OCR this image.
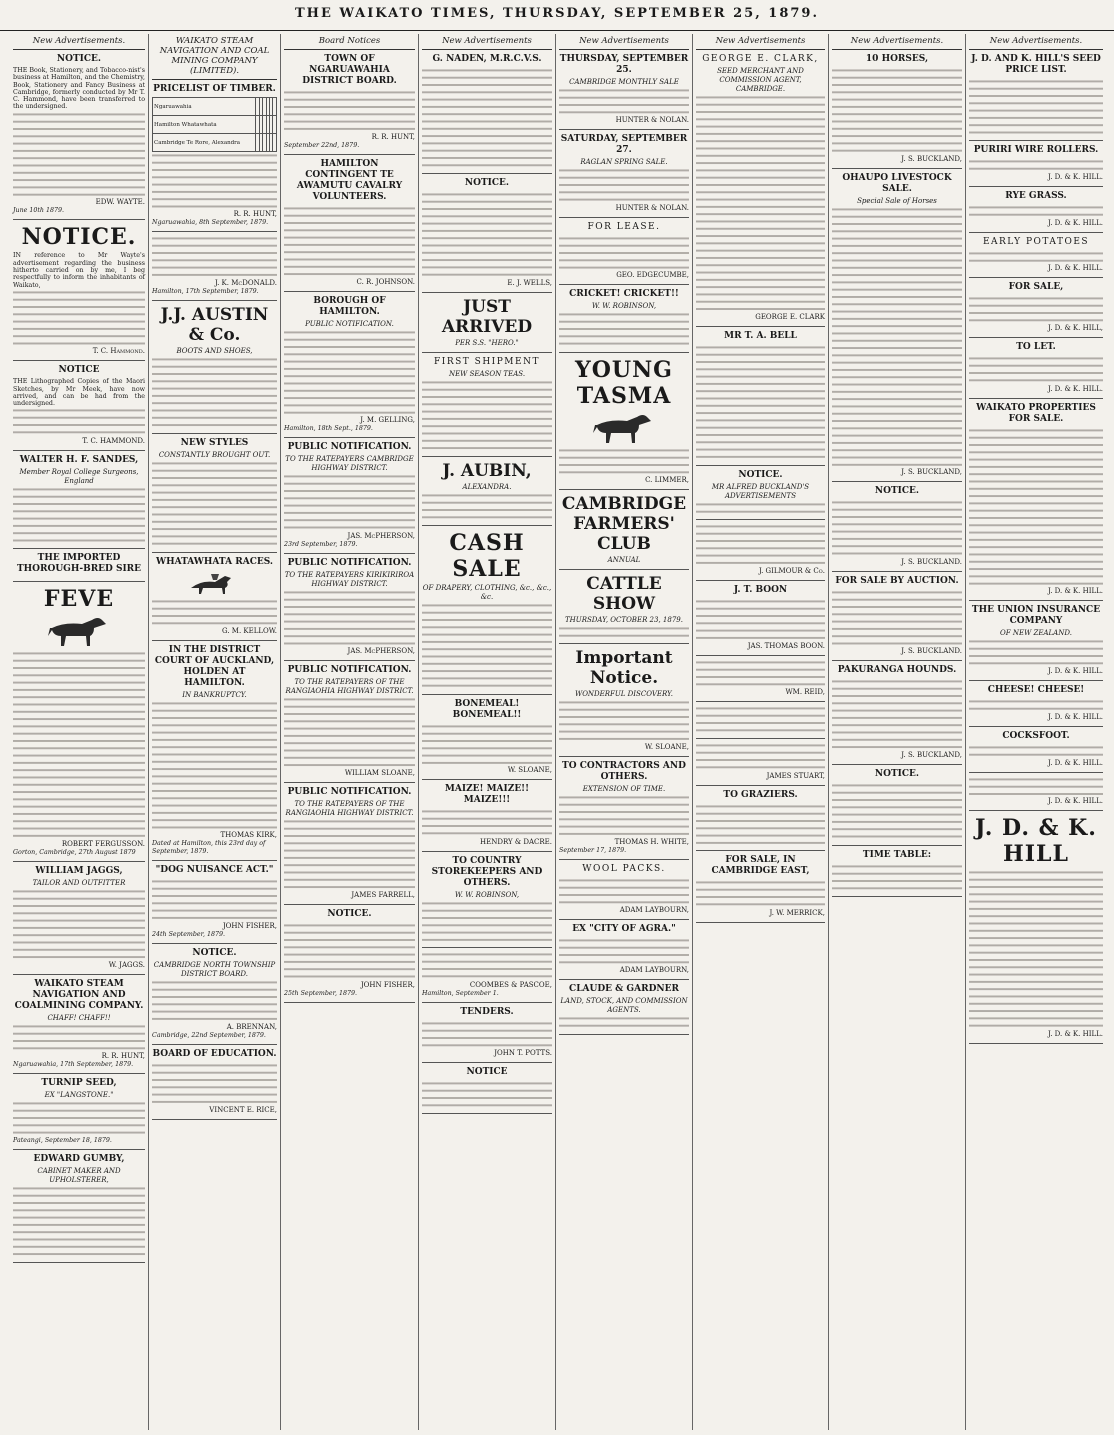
THE WAIKATO TIMES, THURSDAY, SEPTEMBER 25, 1879.
New Advertisements.
NOTICE.
THE Book, Stationery, and Tobacco-nist's business at Hamilton, and the Chemistry, Book, Stationery and Fancy Business at Cambridge, formerly conducted by Mr T. C. Hammond, have been transferred to the undersigned.
EDW. WAYTE.
June 10th 1879.
NOTICE.
IN reference to Mr Wayte's advertisement regarding the business hitherto carried on by me, I beg respectfully to inform the inhabitants of Waikato,
T. C. Hammond.
NOTICE
THE Lithographed Copies of the Maori Sketches, by Mr Meek, have now arrived, and can be had from the undersigned.
T. C. HAMMOND.
WALTER H. F. SANDES,
Member Royal College Surgeons, England
THE IMPORTED THOROUGH-BRED SIRE
FEVE
ROBERT FERGUSSON.
Gorton, Cambridge, 27th August 1879
WILLIAM JAGGS,
TAILOR AND OUTFITTER
W. JAGGS.
WAIKATO STEAM NAVIGATION AND COALMINING COMPANY.
CHAFF! CHAFF!!
R. R. HUNT,
Ngaruawahia, 17th September, 1879.
TURNIP SEED,
EX "LANGSTONE."
Pateangi, September 18, 1879.
EDWARD GUMBY,
CABINET MAKER AND UPHOLSTERER,
WAIKATO STEAM NAVIGATION AND COAL MINING COMPANY (LIMITED).
PRICELIST OF TIMBER.
Ngaruawahia						
Hamilton Whatawhata						
Cambridge Te Rore, Alexandra						
R. R. HUNT,
Ngaruawahia, 8th September, 1879.
J. K. McDONALD.
Hamilton, 17th September, 1879.
J.J. AUSTIN & Co.
BOOTS AND SHOES,
NEW STYLES
CONSTANTLY BROUGHT OUT.
WHATAWHATA RACES.
G. M. KELLOW.
IN THE DISTRICT COURT OF AUCKLAND, HOLDEN AT HAMILTON.
IN BANKRUPTCY.
THOMAS KIRK,
Dated at Hamilton, this 23rd day of September, 1879.
"DOG NUISANCE ACT."
JOHN FISHER,
24th September, 1879.
NOTICE.
CAMBRIDGE NORTH TOWNSHIP DISTRICT BOARD.
A. BRENNAN,
Cambridge, 22nd September, 1879.
BOARD OF EDUCATION.
VINCENT E. RICE,
Board Notices
TOWN OF NGARUAWAHIA DISTRICT BOARD.
R. R. HUNT,
September 22nd, 1879.
HAMILTON CONTINGENT TE AWAMUTU CAVALRY VOLUNTEERS.
C. R. JOHNSON.
BOROUGH OF HAMILTON.
PUBLIC NOTIFICATION.
J. M. GELLING,
Hamilton, 18th Sept., 1879.
PUBLIC NOTIFICATION.
TO THE RATEPAYERS CAMBRIDGE HIGHWAY DISTRICT.
JAS. McPHERSON,
23rd September, 1879.
PUBLIC NOTIFICATION.
TO THE RATEPAYERS KIRIKIRIROA HIGHWAY DISTRICT.
JAS. McPHERSON,
PUBLIC NOTIFICATION.
TO THE RATEPAYERS OF THE RANGIAOHIA HIGHWAY DISTRICT.
WILLIAM SLOANE,
PUBLIC NOTIFICATION.
TO THE RATEPAYERS OF THE RANGIAOHIA HIGHWAY DISTRICT.
JAMES FARRELL,
NOTICE.
JOHN FISHER,
25th September, 1879.
New Advertisements
G. NADEN, M.R.C.V.S.
NOTICE.
E. J. WELLS,
JUST ARRIVED
PER S.S. "HERO."
FIRST SHIPMENT
NEW SEASON TEAS.
J. AUBIN,
ALEXANDRA.
CASH SALE
OF DRAPERY, CLOTHING, &c., &c., &c.
BONEMEAL! BONEMEAL!!
W. SLOANE,
MAIZE! MAIZE!! MAIZE!!!
HENDRY & DACRE.
TO COUNTRY STOREKEEPERS AND OTHERS.
W. W. ROBINSON,
COOMBES & PASCOE,
Hamilton, September 1.
TENDERS.
JOHN T. POTTS.
NOTICE
New Advertisements
THURSDAY, SEPTEMBER 25.
CAMBRIDGE MONTHLY SALE
HUNTER & NOLAN.
SATURDAY, SEPTEMBER 27.
RAGLAN SPRING SALE.
HUNTER & NOLAN.
FOR LEASE.
GEO. EDGECUMBE,
CRICKET! CRICKET!!
W. W. ROBINSON,
YOUNG TASMA
C. LIMMER,
CAMBRIDGE FARMERS' CLUB
ANNUAL
CATTLE SHOW
THURSDAY, OCTOBER 23, 1879.
Important Notice.
WONDERFUL DISCOVERY.
W. SLOANE,
TO CONTRACTORS AND OTHERS.
EXTENSION OF TIME.
THOMAS H. WHITE,
September 17, 1879.
WOOL PACKS.
ADAM LAYBOURN,
EX "CITY OF AGRA."
ADAM LAYBOURN,
CLAUDE & GARDNER
LAND, STOCK, AND COMMISSION AGENTS.
New Advertisements
GEORGE E. CLARK,
SEED MERCHANT AND COMMISSION AGENT, CAMBRIDGE.
GEORGE E. CLARK
MR T. A. BELL
NOTICE.
MR ALFRED BUCKLAND'S ADVERTISEMENTS
J. GILMOUR & Co.
J. T. BOON
JAS. THOMAS BOON.
WM. REID,
JAMES STUART,
TO GRAZIERS.
FOR SALE, IN CAMBRIDGE EAST,
J. W. MERRICK,
New Advertisements.
10 HORSES,
J. S. BUCKLAND,
OHAUPO LIVESTOCK SALE.
Special Sale of Horses
J. S. BUCKLAND,
NOTICE.
J. S. BUCKLAND.
FOR SALE BY AUCTION.
J. S. BUCKLAND.
PAKURANGA HOUNDS.
J. S. BUCKLAND,
NOTICE.
TIME TABLE:
New Advertisements.
J. D. AND K. HILL'S SEED PRICE LIST.
PURIRI WIRE ROLLERS.
J. D. & K. HILL.
RYE GRASS.
J. D. & K. HILL.
EARLY POTATOES
J. D. & K. HILL.
FOR SALE,
J. D. & K. HILL,
TO LET.
J. D. & K. HILL.
WAIKATO PROPERTIES FOR SALE.
J. D. & K. HILL.
THE UNION INSURANCE COMPANY
OF NEW ZEALAND.
J. D. & K. HILL.
CHEESE! CHEESE!
J. D. & K. HILL.
COCKSFOOT.
J. D. & K. HILL.
J. D. & K. HILL.
J. D. & K. HILL
J. D. & K. HILL.
